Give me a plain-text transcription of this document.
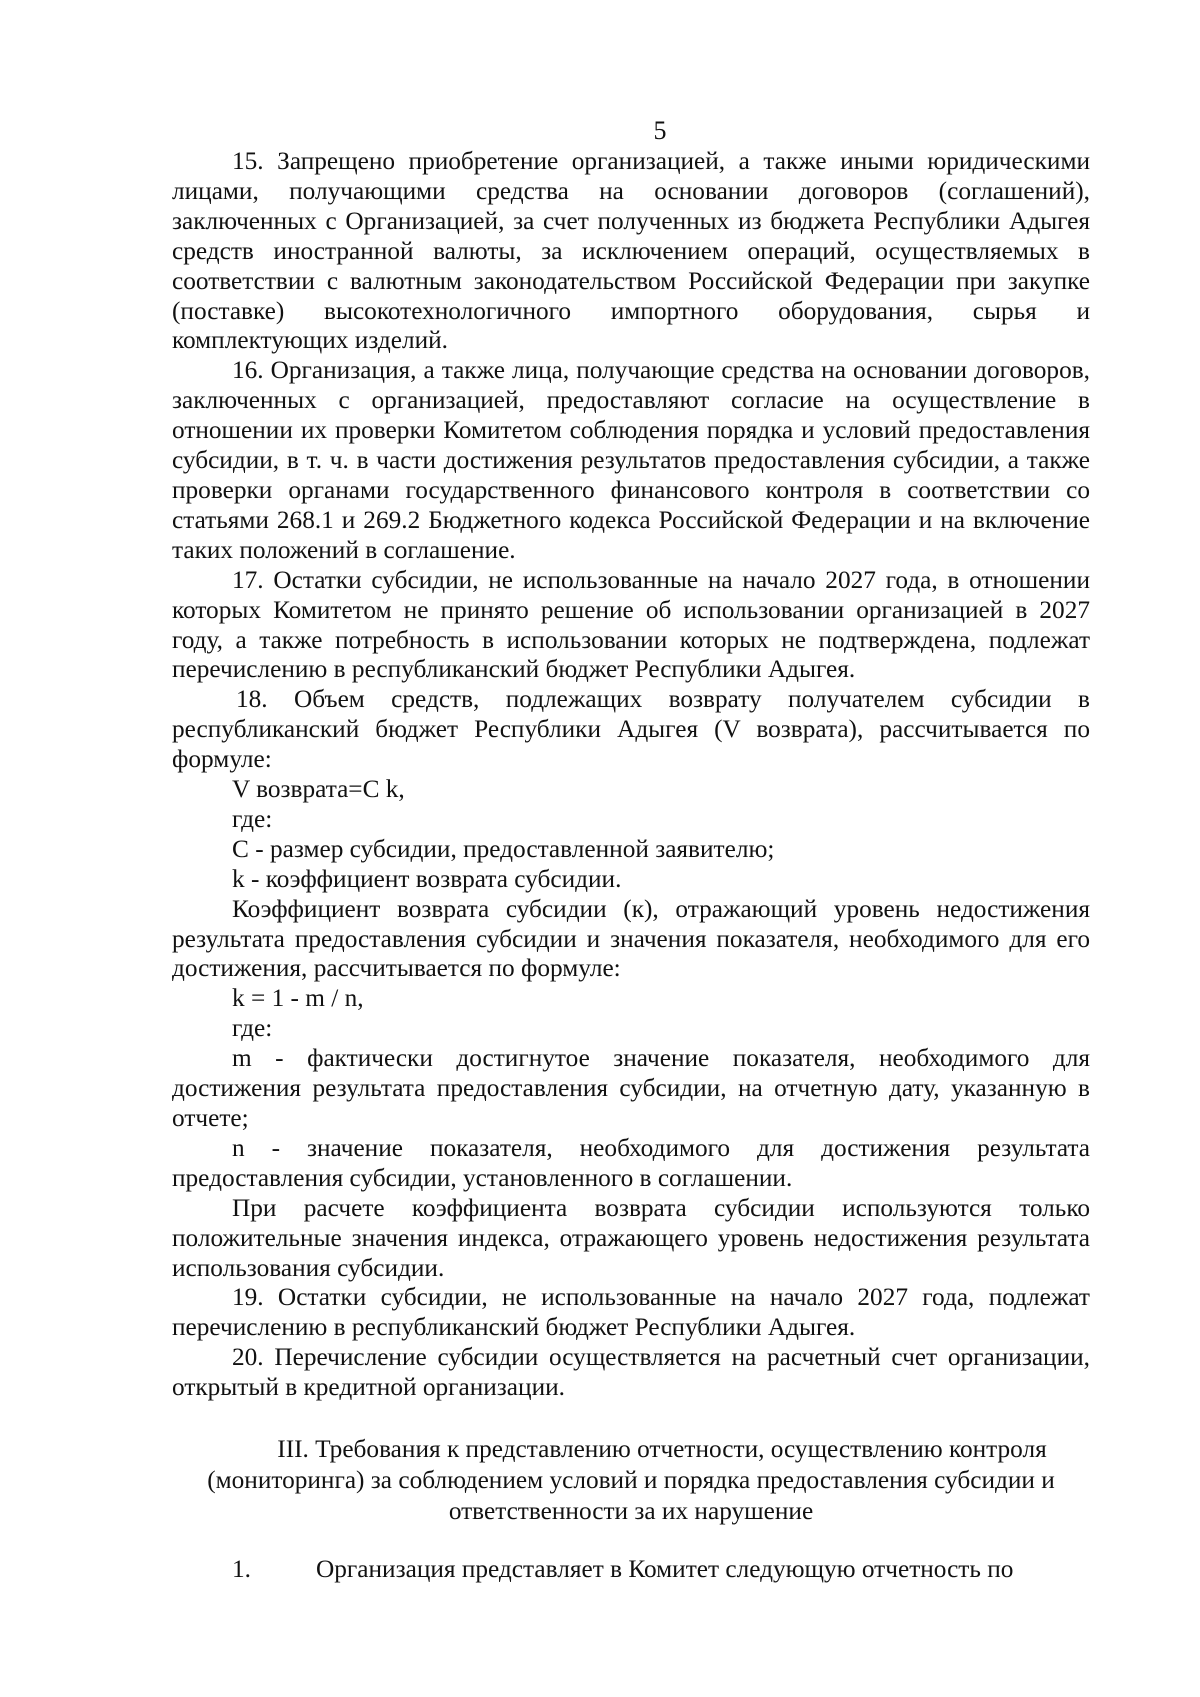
5

15. Запрещено приобретение организацией, а также иными юридическими лицами, получающими средства на основании договоров (соглашений), заключенных с Организацией, за счет полученных из бюджета Республики Адыгея средств иностранной валюты, за исключением операций, осуществляемых в соответствии с валютным законодательством Российской Федерации при закупке (поставке) высокотехнологичного импортного оборудования, сырья и комплектующих изделий.

16. Организация, а также лица, получающие средства на основании договоров, заключенных с организацией, предоставляют согласие на осуществление в отношении их проверки Комитетом соблюдения порядка и условий предоставления субсидии, в т. ч. в части достижения результатов предоставления субсидии, а также проверки органами государственного финансового контроля в соответствии со статьями 268.1 и 269.2 Бюджетного кодекса Российской Федерации и на включение таких положений в соглашение.

17. Остатки субсидии, не использованные на начало 2027 года, в отношении которых Комитетом не принято решение об использовании организацией в 2027 году, а также потребность в использовании которых не подтверждена, подлежат перечислению в республиканский бюджет Республики Адыгея.

18. Объем средств, подлежащих возврату получателем субсидии в республиканский бюджет Республики Адыгея (V возврата), рассчитывается по формуле:

V возврата=C k,

где:

C - размер субсидии, предоставленной заявителю;

k - коэффициент возврата субсидии.

Коэффициент возврата субсидии (к), отражающий уровень недостижения результата предоставления субсидии и значения показателя, необходимого для его достижения, рассчитывается по формуле:

k = 1 - m / n,

где:

m - фактически достигнутое значение показателя, необходимого для достижения результата предоставления субсидии, на отчетную дату, указанную в отчете;

n - значение показателя, необходимого для достижения результата предоставления субсидии, установленного в соглашении.

При расчете коэффициента возврата субсидии используются только положительные значения индекса, отражающего уровень недостижения результата использования субсидии.

19. Остатки субсидии, не использованные на начало 2027 года, подлежат перечислению в республиканский бюджет Республики Адыгея.

20. Перечисление субсидии осуществляется на расчетный счет организации, открытый в кредитной организации.

III. Требования к представлению отчетности, осуществлению контроля
(мониторинга) за соблюдением условий и порядка предоставления субсидии и
ответственности за их нарушение
1.	Организация представляет в Комитет следующую отчетность по
